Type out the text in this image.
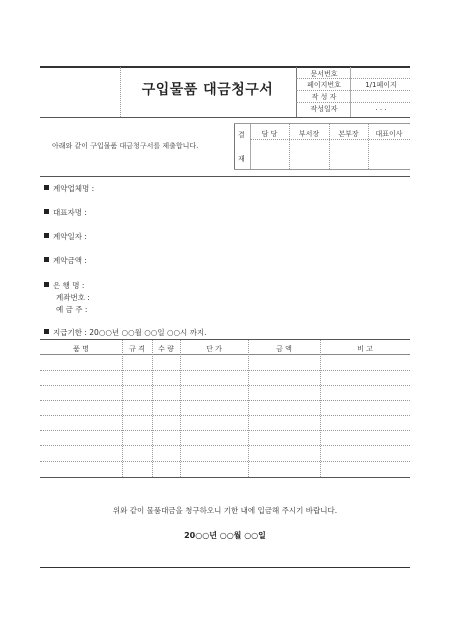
구입물품 대금청구서
문서번호
페이지번호	1/1페이지
작 성 자
작성일자	. . .
아래와 같이 구입물품 대금청구서를 제출합니다.
결
재
담 당	부서장	본부장	대표이사
계약업체명 :
대표자명 :
계약일자 :
계약금액 :
은 행 명 :
계좌번호 :
예 금 주 :
지급기한 : 20○○년 ○○월 ○○일 ○○시 까지.
품 명	규 격	수 량	단 가	금 액	비 고
위와 같이 물품대금을 청구하오니 기한 내에 입금해 주시기 바랍니다.
20○○년 ○○월 ○○일
